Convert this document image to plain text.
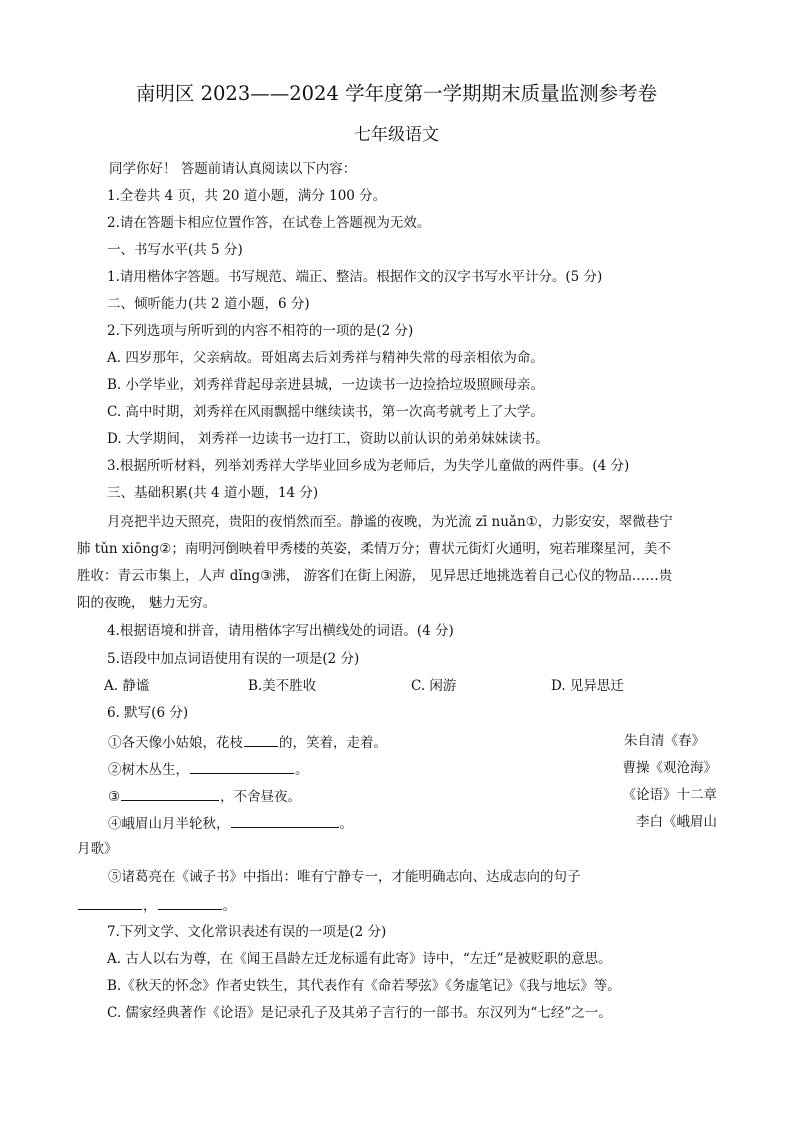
南明区 2023——2024 学年度第一学期期末质量监测参考卷
七年级语文
同学你好！ 答题前请认真阅读以下内容：
1.全卷共 4 页，共 20 道小题，满分 100 分。
2.请在答题卡相应位置作答，在试卷上答题视为无效。
一、书写水平(共 5 分)
1.请用楷体字答题。书写规范、端正、整洁。根据作文的汉字书写水平计分。(5 分)
二、倾听能力(共 2 道小题，6 分)
2.下列选项与所听到的内容不相符的一项的是(2 分)
A. 四岁那年，父亲病故。哥姐离去后刘秀祥与精神失常的母亲相依为命。
B. 小学毕业，刘秀祥背起母亲进县城，一边读书一边捡拾垃圾照顾母亲。
C. 高中时期，刘秀祥在风雨飘摇中继续读书，第一次高考就考上了大学。
D. 大学期间， 刘秀祥一边读书一边打工，资助以前认识的弟弟妹妹读书。
3.根据所听材料，列举刘秀祥大学毕业回乡成为老师后，为失学儿童做的两件事。(4 分)
三、基础积累(共 4 道小题，14 分)
月亮把半边天照亮，贵阳的夜悄然而至。静谧的夜晚，为光流 zī nuǎn①，力影安安，翠微巷宁
肺 tǔn xiōng②；南明河倒映着甲秀楼的英姿，柔情万分；曹状元街灯火通明，宛若璀璨星河，美不
胜收：青云市集上，人声 dǐng③沸， 游客们在街上闲游， 见异思迁地挑选着自己心仪的物品……贵
阳的夜晚， 魅力无穷。
4.根据语境和拼音，请用楷体字写出横线处的词语。(4 分)
5.语段中加点词语使用有误的一项是(2 分)
A. 静谧	B.美不胜收	C. 闲游	D. 见异思迁
6. 默写(6 分)
①各天像小姑娘，花枝	的，笑着，走着。	朱自清《春》
②树木丛生，	。	曹操《观沧海》
③	，不舍昼夜。	《论语》十二章
④峨眉山月半轮秋，	。	李白《峨眉山
月歌》
⑤诸葛亮在《诫子书》中指出：唯有宁静专一，才能明确志向、达成志向的句子
，	。
7.下列文学、文化常识表述有误的一项是(2 分)
A. 古人以右为尊，在《闻王昌龄左迁龙标遥有此寄》诗中，“左迁”是被贬职的意思。
B.《秋天的怀念》作者史铁生，其代表作有《命若琴弦》《务虚笔记》《我与地坛》等。
C. 儒家经典著作《论语》是记录孔子及其弟子言行的一部书。东汉列为“七经”之一。
